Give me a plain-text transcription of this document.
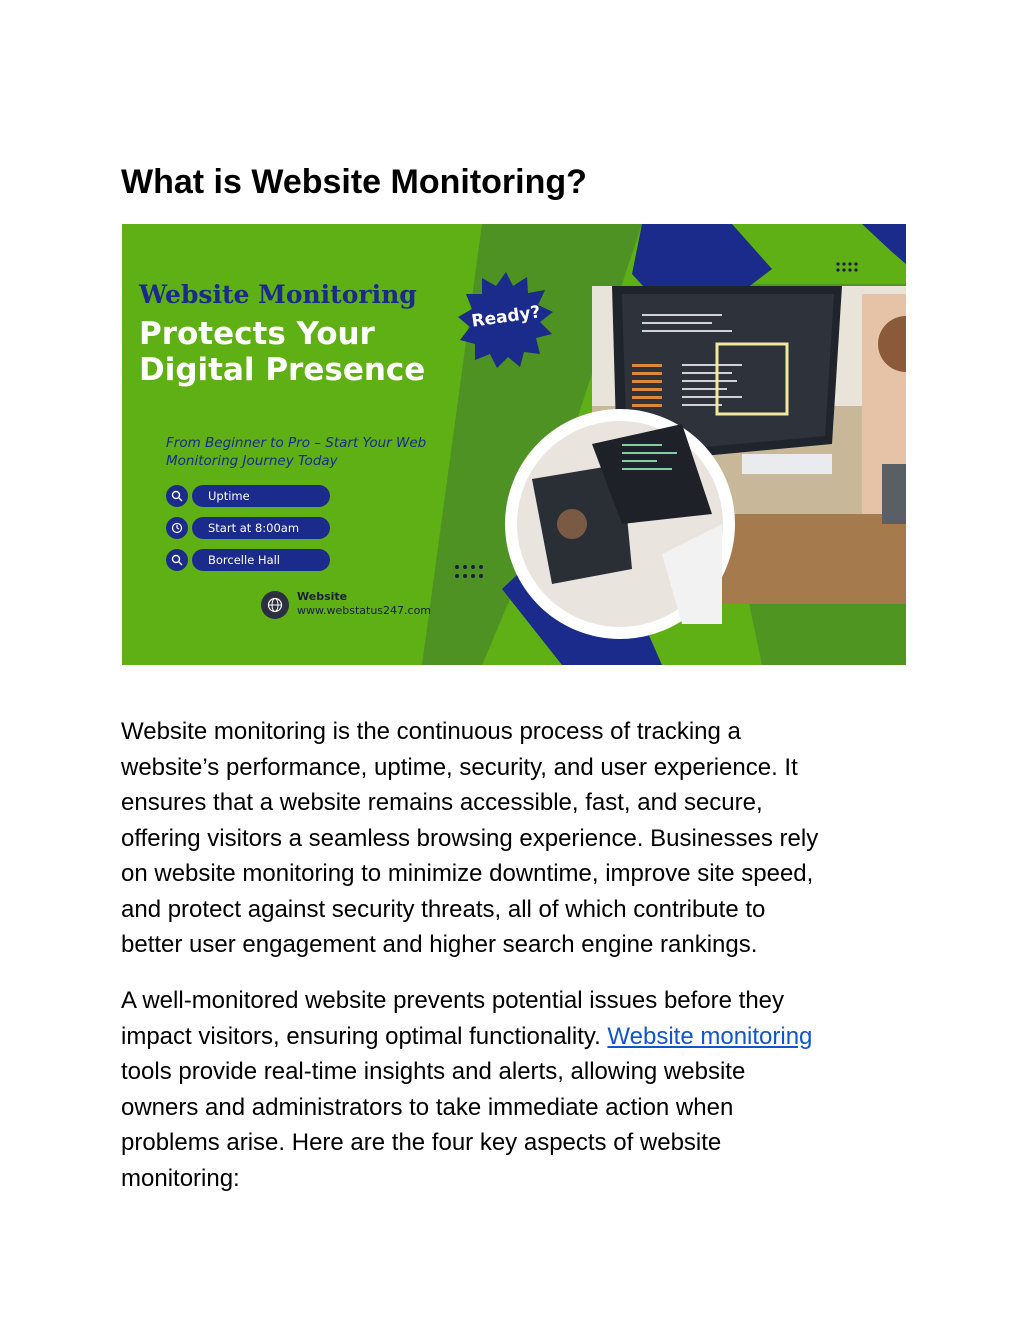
What is Website Monitoring?
Website Monitoring
Protects Your
Digital Presence
Ready?
From Beginner to Pro – Start Your Web
Monitoring Journey Today
Uptime
Start at 8:00am
Borcelle Hall
Website
www.webstatus247.com
Website monitoring is the continuous process of tracking a
website’s performance, uptime, security, and user experience. It
ensures that a website remains accessible, fast, and secure,
offering visitors a seamless browsing experience. Businesses rely
on website monitoring to minimize downtime, improve site speed,
and protect against security threats, all of which contribute to
better user engagement and higher search engine rankings.
A well-monitored website prevents potential issues before they
impact visitors, ensuring optimal functionality. Website monitoring
tools provide real-time insights and alerts, allowing website
owners and administrators to take immediate action when
problems arise. Here are the four key aspects of website
monitoring:
